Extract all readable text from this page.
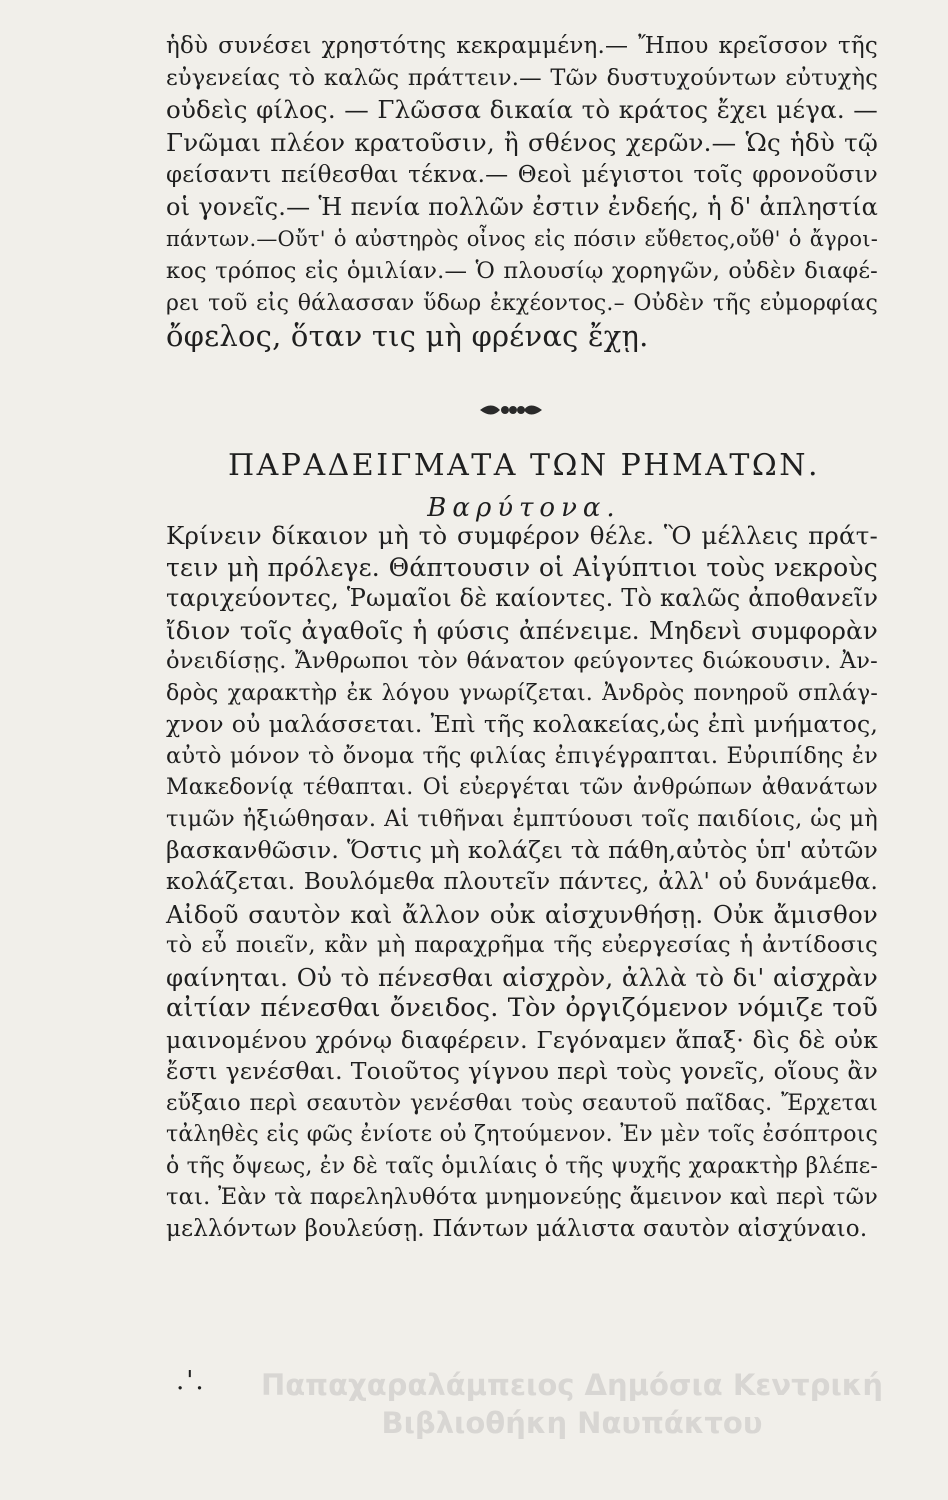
ἡδὺ συνέσει χρηστότης κεκραμμένη.— Ἤπου κρεῖσσον τῆς
εὐγενείας τὸ καλῶς πράττειν.— Τῶν δυστυχούντων εὐτυχὴς
οὐδεὶς φίλος. — Γλῶσσα δικαία τὸ κράτος ἔχει μέγα. —
Γνῶμαι πλέον κρατοῦσιν, ἢ σθένος χερῶν.— Ὡς ἡδὺ τῷ
φείσαντι πείθεσθαι τέκνα.— Θεοὶ μέγιστοι τοῖς φρονοῦσιν
οἱ γονεῖς.— Ἡ πενία πολλῶν ἐστιν ἐνδεής, ἡ δ' ἀπληστία
πάντων.—Οὔτ' ὁ αὐστηρὸς οἶνος εἰς πόσιν εὔθετος,οὔθ' ὁ ἄγροι-
κος τρόπος εἰς ὁμιλίαν.— Ὁ πλουσίῳ χορηγῶν, οὐδὲν διαφέ-
ρει τοῦ εἰς θάλασσαν ὕδωρ ἐκχέοντος.– Οὐδὲν τῆς εὐμορφίας
ὄφελος, ὅταν τις μὴ φρένας ἔχῃ.
ΠΑΡΑΔΕΙΓΜΑΤΑ ΤΩΝ ΡΗΜΑΤΩΝ.
Βαρύτονα.
Κρίνειν δίκαιον μὴ τὸ συμφέρον θέλε. Ὃ μέλλεις πράτ-
τειν μὴ πρόλεγε. Θάπτουσιν οἱ Αἰγύπτιοι τοὺς νεκροὺς
ταριχεύοντες, Ῥωμαῖοι δὲ καίοντες. Τὸ καλῶς ἀποθανεῖν
ἴδιον τοῖς ἀγαθοῖς ἡ φύσις ἀπένειμε. Μηδενὶ συμφορὰν
ὀνειδίσῃς. Ἄνθρωποι τὸν θάνατον φεύγοντες διώκουσιν. Ἀν-
δρὸς χαρακτὴρ ἐκ λόγου γνωρίζεται. Ἀνδρὸς πονηροῦ σπλάγ-
χνον οὐ μαλάσσεται. Ἐπὶ τῆς κολακείας,ὡς ἐπὶ μνήματος,
αὐτὸ μόνον τὸ ὄνομα τῆς φιλίας ἐπιγέγραπται. Εὐριπίδης ἐν
Μακεδονίᾳ τέθαπται. Οἱ εὐεργέται τῶν ἀνθρώπων ἀθανάτων
τιμῶν ἠξιώθησαν. Αἱ τιθῆναι ἐμπτύουσι τοῖς παιδίοις, ὡς μὴ
βασκανθῶσιν. Ὅστις μὴ κολάζει τὰ πάθη,αὐτὸς ὑπ' αὐτῶν
κολάζεται. Βουλόμεθα πλουτεῖν πάντες, ἀλλ' οὐ δυνάμεθα.
Αἰδοῦ σαυτὸν καὶ ἄλλον οὐκ αἰσχυνθήσῃ. Οὐκ ἄμισθον
τὸ εὖ ποιεῖν, κἂν μὴ παραχρῆμα τῆς εὐεργεσίας ἡ ἀντίδοσις
φαίνηται. Οὐ τὸ πένεσθαι αἰσχρὸν, ἀλλὰ τὸ δι' αἰσχρὰν
αἰτίαν πένεσθαι ὄνειδος. Τὸν ὀργιζόμενον νόμιζε τοῦ
μαινομένου χρόνῳ διαφέρειν. Γεγόναμεν ἅπαξ· δὶς δὲ οὐκ
ἔστι γενέσθαι. Τοιοῦτος γίγνου περὶ τοὺς γονεῖς, οἵους ἂν
εὔξαιο περὶ σεαυτὸν γενέσθαι τοὺς σεαυτοῦ παῖδας. Ἔρχεται
τἀληθὲς εἰς φῶς ἐνίοτε οὐ ζητούμενον. Ἐν μὲν τοῖς ἐσόπτροις
ὁ τῆς ὄψεως, ἐν δὲ ταῖς ὁμιλίαις ὁ τῆς ψυχῆς χαρακτὴρ βλέπε-
ται. Ἐὰν τὰ παρεληλυθότα μνημονεύῃς ἄμεινον καὶ περὶ τῶν
μελλόντων βουλεύσῃ. Πάντων μάλιστα σαυτὸν αἰσχύναιο.
.'.	Παπαχαραλάμπειος Δημόσια Κεντρική
Βιβλιοθήκη Ναυπάκτου
